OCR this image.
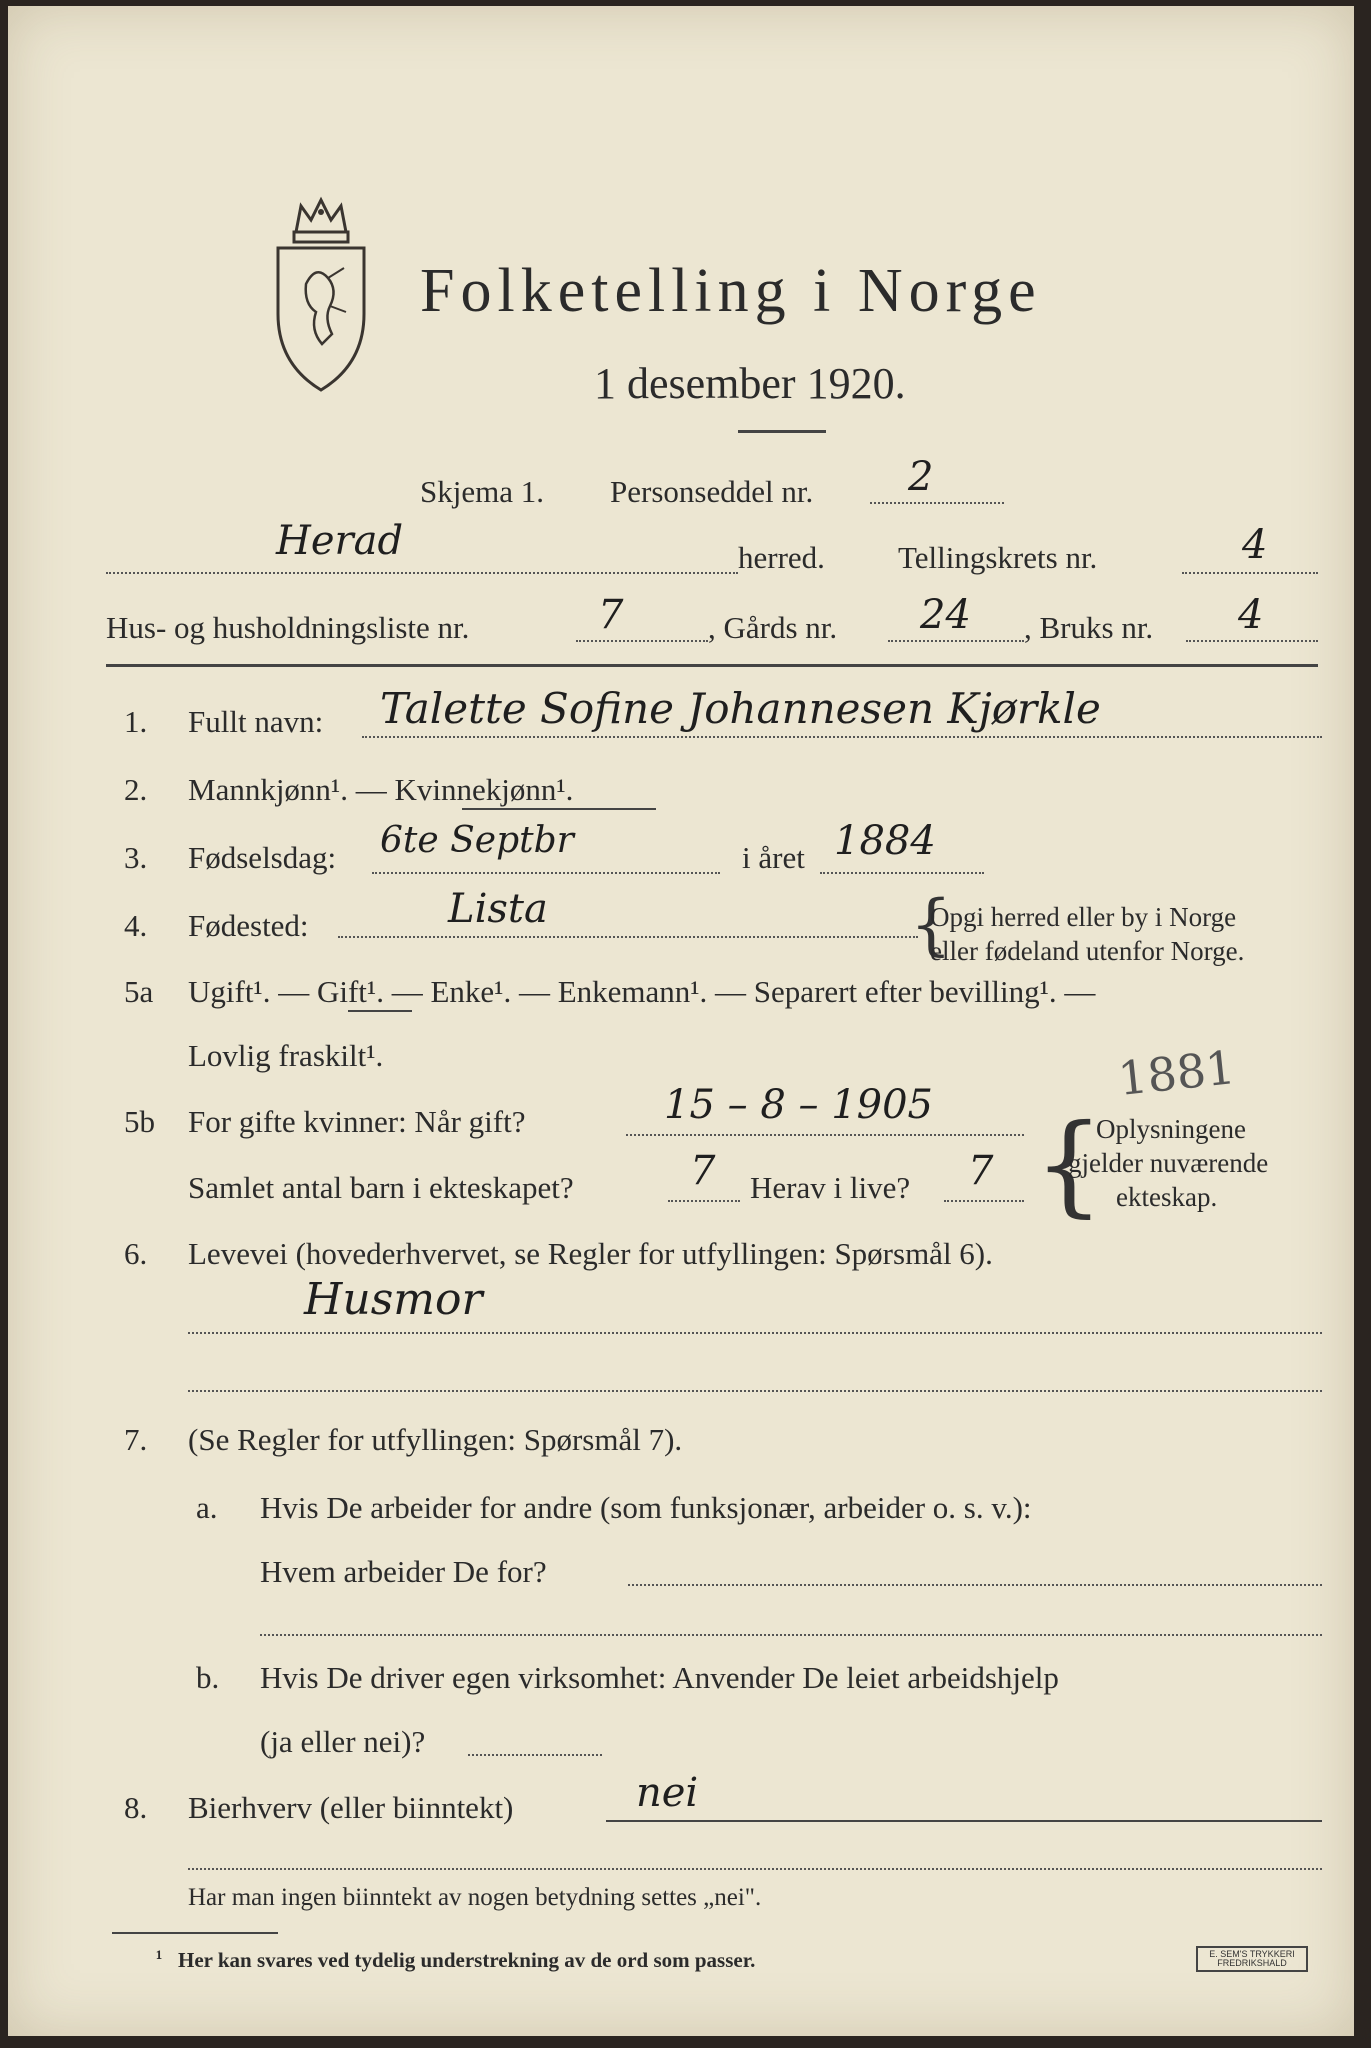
Folketelling i Norge
1 desember 1920.
Skjema 1. Personseddel nr. 2
Herad	herred. Tellingskrets nr.	4
Hus- og husholdningsliste nr.	7	, Gårds nr. 24 , Bruks nr. 4
1. Fullt navn: Talette Sofine Johannesen Kjørkle
2. Mannkjønn¹. — Kvinnekjønn¹.
3. Fødselsdag: 6te Septbr	i året 1884
4. Fødested:	Lista	{
Opgi herred eller by i Norge
eller fødeland utenfor Norge.
5a Ugift¹. — Gift¹. — Enke¹. — Enkemann¹. — Separert efter bevilling¹. —
Lovlig fraskilt¹.
5b For gifte kvinner: Når gift?	15 – 8 – 1905	1881
Samlet antal barn i ekteskapet?	7 Herav i live? 7 {
Oplysningene
gjelder nuværende
ekteskap.
6. Levevei (hovederhvervet, se Regler for utfyllingen: Spørsmål 6).
Husmor
7. (Se Regler for utfyllingen: Spørsmål 7).
a. Hvis De arbeider for andre (som funksjonær, arbeider o. s. v.):
Hvem arbeider De for?
b. Hvis De driver egen virksomhet: Anvender De leiet arbeidshjelp
(ja eller nei)?
8. Bierhverv (eller biinntekt)	nei
Har man ingen biinntekt av nogen betydning settes „nei".
¹ Her kan svares ved tydelig understrekning av de ord som passer.	E. SEM'S TRYKKERI FREDRIKSHALD
